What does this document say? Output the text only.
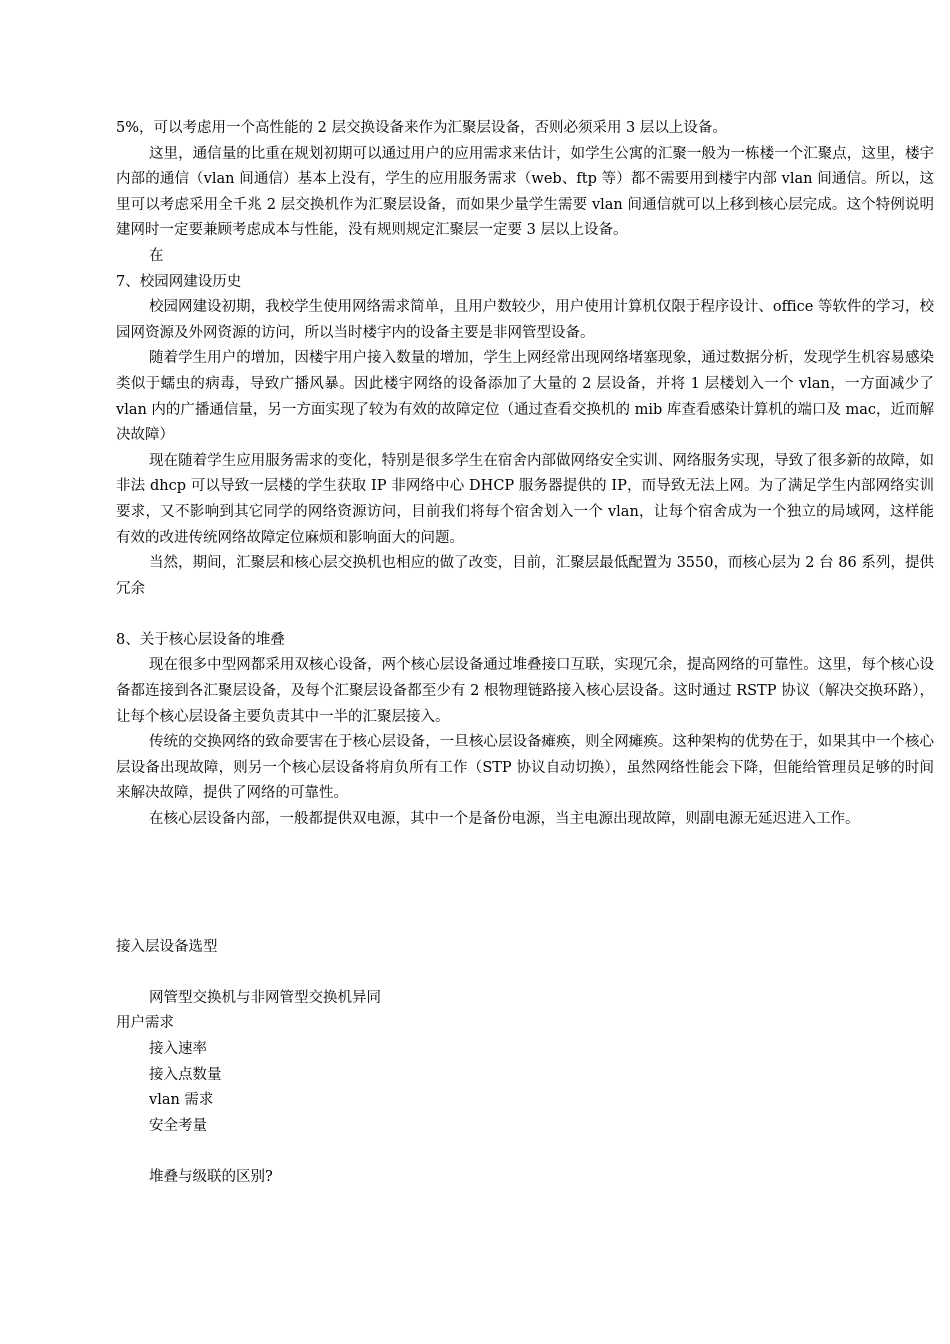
5%，可以考虑用一个高性能的 2 层交换设备来作为汇聚层设备，否则必须采用 3 层以上设备。

这里，通信量的比重在规划初期可以通过用户的应用需求来估计，如学生公寓的汇聚一般为一栋楼一个汇聚点，这里，楼宇内部的通信（vlan 间通信）基本上没有，学生的应用服务需求（web、ftp 等）都不需要用到楼宇内部 vlan 间通信。所以，这里可以考虑采用全千兆 2 层交换机作为汇聚层设备，而如果少量学生需要 vlan 间通信就可以上移到核心层完成。这个特例说明建网时一定要兼顾考虑成本与性能，没有规则规定汇聚层一定要 3 层以上设备。

在

7、校园网建设历史

校园网建设初期，我校学生使用网络需求简单，且用户数较少，用户使用计算机仅限于程序设计、office 等软件的学习，校园网资源及外网资源的访问，所以当时楼宇内的设备主要是非网管型设备。

随着学生用户的增加，因楼宇用户接入数量的增加，学生上网经常出现网络堵塞现象，通过数据分析，发现学生机容易感染类似于蠕虫的病毒，导致广播风暴。因此楼宇网络的设备添加了大量的 2 层设备，并将 1 层楼划入一个 vlan，一方面减少了 vlan 内的广播通信量，另一方面实现了较为有效的故障定位（通过查看交换机的 mib 库查看感染计算机的端口及 mac，近而解决故障）

现在随着学生应用服务需求的变化，特别是很多学生在宿舍内部做网络安全实训、网络服务实现，导致了很多新的故障，如非法 dhcp 可以导致一层楼的学生获取 IP 非网络中心 DHCP 服务器提供的 IP，而导致无法上网。为了满足学生内部网络实训要求，又不影响到其它同学的网络资源访问，目前我们将每个宿舍划入一个 vlan，让每个宿舍成为一个独立的局域网，这样能有效的改进传统网络故障定位麻烦和影响面大的问题。

当然，期间，汇聚层和核心层交换机也相应的做了改变，目前，汇聚层最低配置为 3550，而核心层为 2 台 86 系列，提供冗余

8、关于核心层设备的堆叠

现在很多中型网都采用双核心设备，两个核心层设备通过堆叠接口互联，实现冗余，提高网络的可靠性。这里，每个核心设备都连接到各汇聚层设备，及每个汇聚层设备都至少有 2 根物理链路接入核心层设备。这时通过 RSTP 协议（解决交换环路），让每个核心层设备主要负责其中一半的汇聚层接入。

传统的交换网络的致命要害在于核心层设备，一旦核心层设备瘫痪，则全网瘫痪。这种架构的优势在于，如果其中一个核心层设备出现故障，则另一个核心层设备将肩负所有工作（STP 协议自动切换），虽然网络性能会下降，但能给管理员足够的时间来解决故障，提供了网络的可靠性。

在核心层设备内部，一般都提供双电源，其中一个是备份电源，当主电源出现故障，则副电源无延迟进入工作。

接入层设备选型

网管型交换机与非网管型交换机异同

用户需求

接入速率

接入点数量

vlan 需求

安全考量

堆叠与级联的区别?
